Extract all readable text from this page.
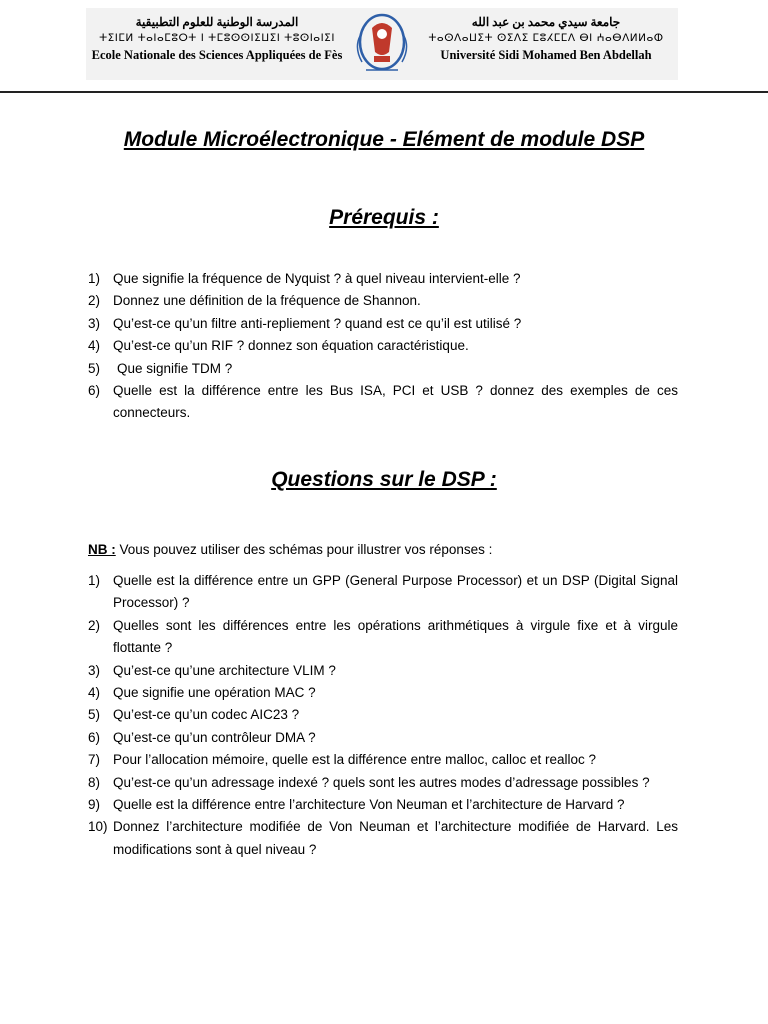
المدرسة الوطنية للعلوم التطبيقية
ⵜⵉⵏⵎⵍ ⵜⴰⵏⴰⵎⵓⵔⵜ ⵏ ⵜⵎⵓⵙⵙⵏⵉⵡⵉⵏ ⵜⵓⵙⵏⴰⵏⵉⵏ
Ecole Nationale des Sciences Appliquées de Fès
جامعة سيدي محمد بن عبد الله
ⵜⴰⵙⴷⴰⵡⵉⵜ ⵙⵉⴷⵉ ⵎⵓⵃⵎⵎⴷ ⴱⵏ ⵄⴰⴱⴷⵍⵍⴰⵀ
Université Sidi Mohamed Ben Abdellah
Module Microélectronique - Elément de module DSP
Prérequis :
1) Que signifie la fréquence de Nyquist ? à quel niveau intervient-elle ?
2) Donnez une définition de la fréquence de Shannon.
3) Qu’est-ce qu’un filtre anti-repliement ? quand est ce qu’il est utilisé ?
4) Qu’est-ce qu’un RIF ? donnez son équation caractéristique.
5) Que signifie TDM ?
6) Quelle est la différence entre les Bus ISA, PCI et USB ? donnez des exemples de ces connecteurs.
Questions sur le DSP :
NB : Vous pouvez utiliser des schémas pour illustrer vos réponses :
1) Quelle est la différence entre un GPP (General Purpose Processor) et un DSP (Digital Signal Processor) ?
2) Quelles sont les différences entre les opérations arithmétiques à virgule fixe et à virgule flottante ?
3) Qu’est-ce qu’une architecture VLIM ?
4) Que signifie une opération MAC ?
5) Qu’est-ce qu’un codec AIC23 ?
6) Qu’est-ce qu’un contrôleur DMA ?
7) Pour l’allocation mémoire, quelle est la différence entre malloc, calloc et realloc ?
8) Qu’est-ce qu’un adressage indexé ? quels sont les autres modes d’adressage possibles ?
9) Quelle est la différence entre l’architecture Von Neuman et l’architecture de Harvard ?
10) Donnez l’architecture modifiée de Von Neuman et l’architecture modifiée de Harvard. Les modifications sont à quel niveau ?
